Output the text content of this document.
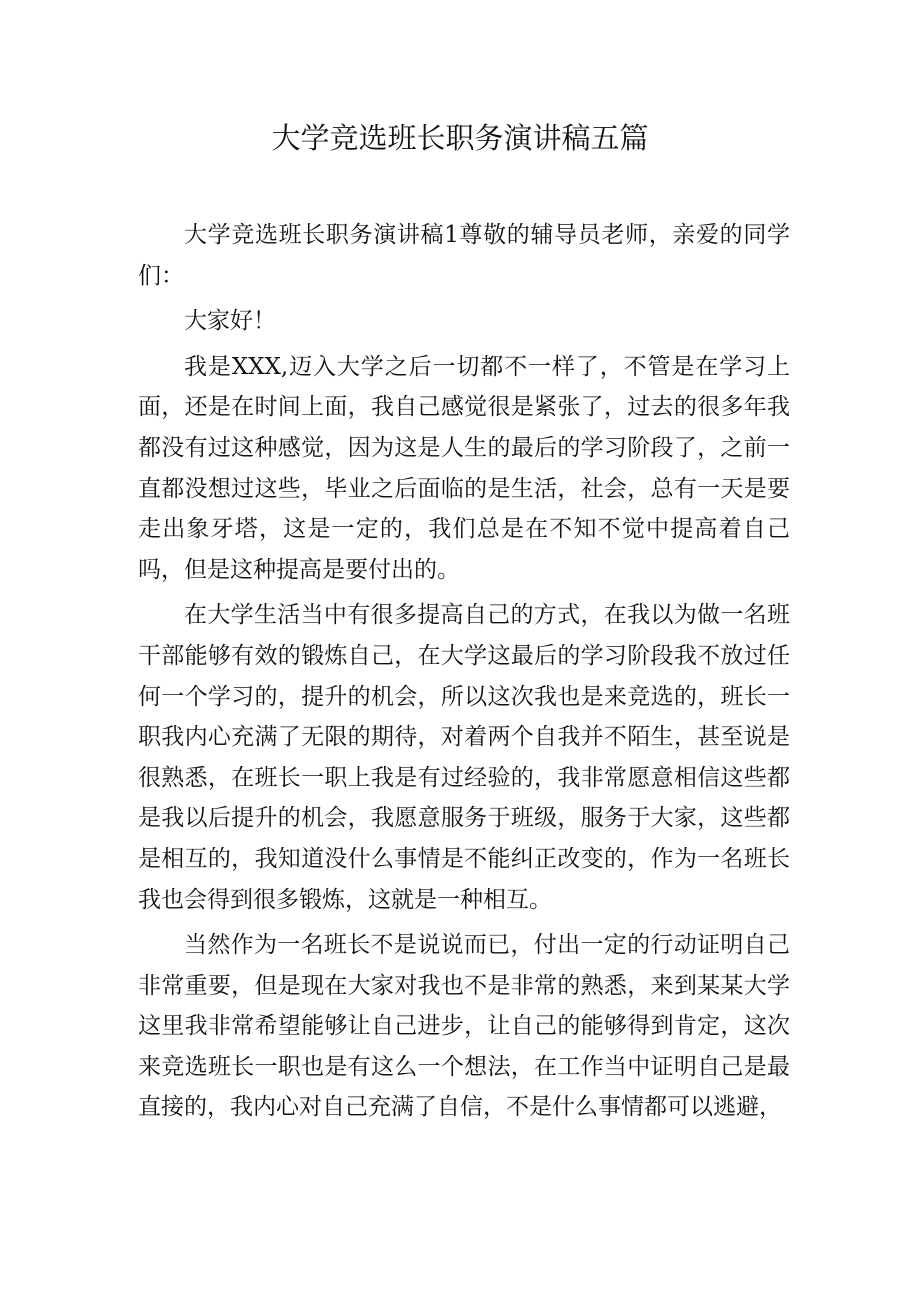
大学竞选班长职务演讲稿五篇

大学竞选班长职务演讲稿1尊敬的辅导员老师，亲爱的同学们：

大家好！

我是XXX,迈入大学之后一切都不一样了，不管是在学习上面，还是在时间上面，我自己感觉很是紧张了，过去的很多年我都没有过这种感觉，因为这是人生的最后的学习阶段了，之前一直都没想过这些，毕业之后面临的是生活，社会，总有一天是要走出象牙塔，这是一定的，我们总是在不知不觉中提高着自己吗，但是这种提高是要付出的。

在大学生活当中有很多提高自己的方式，在我以为做一名班干部能够有效的锻炼自己，在大学这最后的学习阶段我不放过任何一个学习的，提升的机会，所以这次我也是来竞选的，班长一职我内心充满了无限的期待，对着两个自我并不陌生，甚至说是很熟悉，在班长一职上我是有过经验的，我非常愿意相信这些都是我以后提升的机会，我愿意服务于班级，服务于大家，这些都是相互的，我知道没什么事情是不能纠正改变的，作为一名班长我也会得到很多锻炼，这就是一种相互。

当然作为一名班长不是说说而已，付出一定的行动证明自己非常重要，但是现在大家对我也不是非常的熟悉，来到某某大学这里我非常希望能够让自己进步，让自己的能够得到肯定，这次来竞选班长一职也是有这么一个想法，在工作当中证明自己是最直接的，我内心对自己充满了自信，不是什么事情都可以逃避，
